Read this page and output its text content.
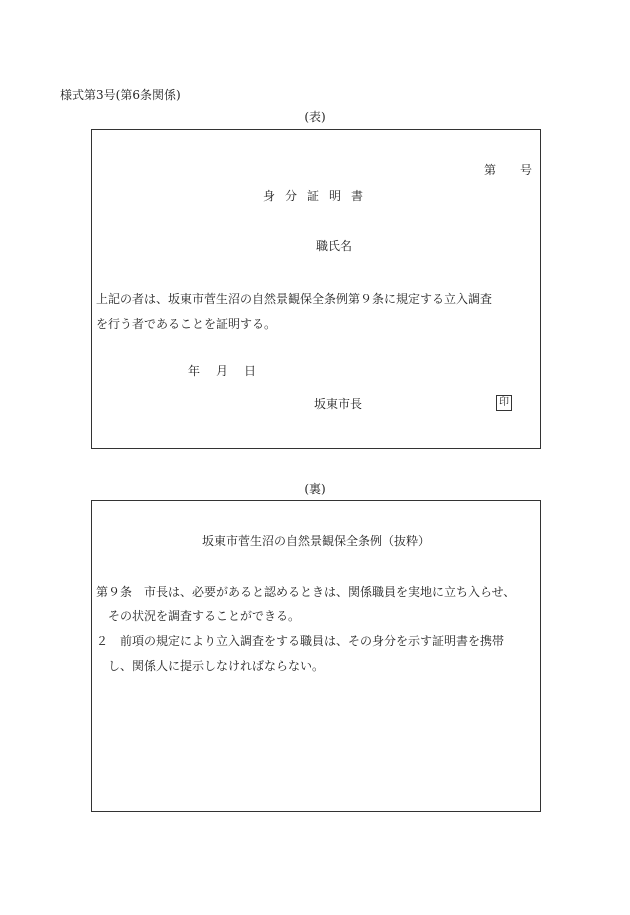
様式第3号(第6条関係)
(表)
第 号
身分証明書
職氏名
上記の者は、坂東市菅生沼の自然景観保全条例第９条に規定する立入調査
を行う者であることを証明する。
年 月 日
坂東市長	印
(裏)
坂東市菅生沼の自然景観保全条例（抜粋）
第９条　市長は、必要があると認めるときは、関係職員を実地に立ち入らせ、
その状況を調査することができる。
２　前項の規定により立入調査をする職員は、その身分を示す証明書を携帯
し、関係人に提示しなければならない。
